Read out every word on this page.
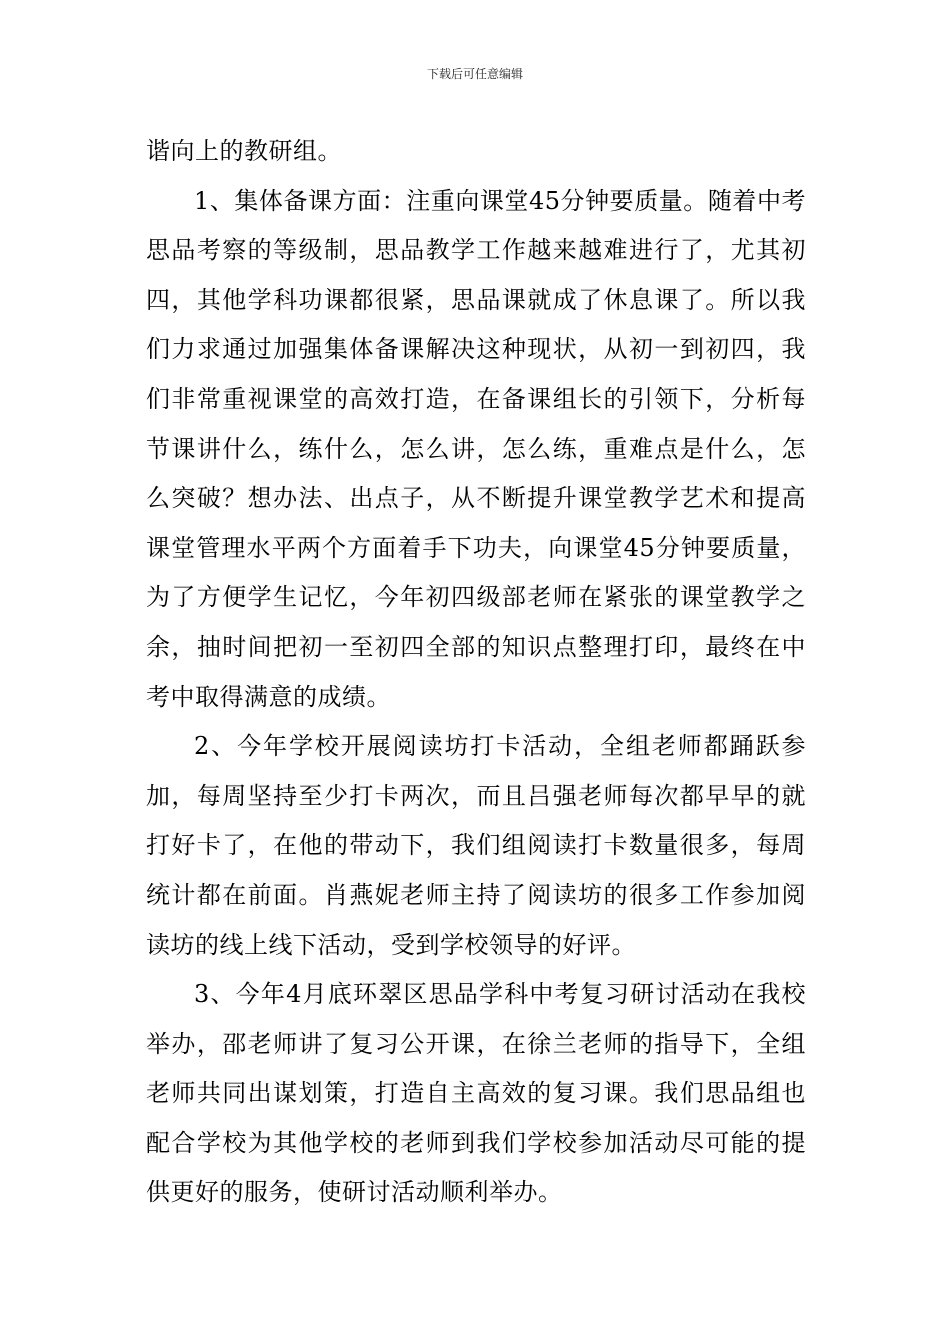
下载后可任意编辑

谐向上的教研组。

1、集体备课方面：注重向课堂45分钟要质量。随着中考思品考察的等级制，思品教学工作越来越难进行了，尤其初四，其他学科功课都很紧，思品课就成了休息课了。所以我们力求通过加强集体备课解决这种现状，从初一到初四，我们非常重视课堂的高效打造，在备课组长的引领下，分析每节课讲什么，练什么，怎么讲，怎么练，重难点是什么，怎么突破？想办法、出点子，从不断提升课堂教学艺术和提高课堂管理水平两个方面着手下功夫，向课堂45分钟要质量，为了方便学生记忆，今年初四级部老师在紧张的课堂教学之余，抽时间把初一至初四全部的知识点整理打印，最终在中考中取得满意的成绩。

2、今年学校开展阅读坊打卡活动，全组老师都踊跃参加，每周坚持至少打卡两次，而且吕强老师每次都早早的就打好卡了，在他的带动下，我们组阅读打卡数量很多，每周统计都在前面。肖燕妮老师主持了阅读坊的很多工作参加阅读坊的线上线下活动，受到学校领导的好评。

3、今年4月底环翠区思品学科中考复习研讨活动在我校举办，邵老师讲了复习公开课，在徐兰老师的指导下，全组老师共同出谋划策，打造自主高效的复习课。我们思品组也配合学校为其他学校的老师到我们学校参加活动尽可能的提供更好的服务，使研讨活动顺利举办。
